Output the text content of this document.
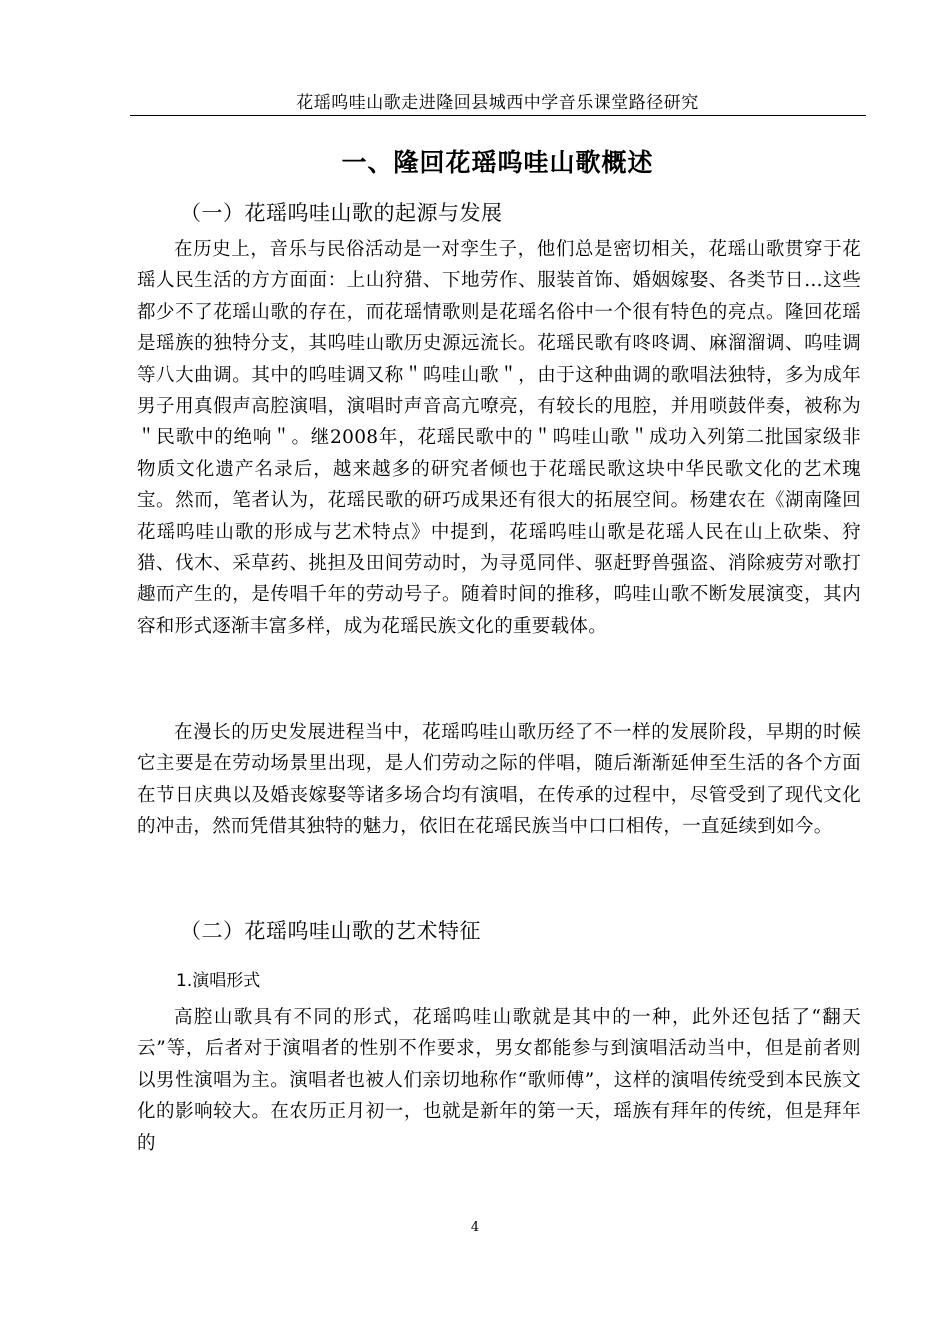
花瑶呜哇山歌走进隆回县城西中学音乐课堂路径研究
一、隆回花瑶呜哇山歌概述
（一）花瑶呜哇山歌的起源与发展
在历史上，音乐与民俗活动是一对孪生子，他们总是密切相关，花瑶山歌贯穿于花瑶人民生活的方方面面：上山狩猎、下地劳作、服装首饰、婚姻嫁娶、各类节日…这些都少不了花瑶山歌的存在，而花瑶情歌则是花瑶名俗中一个很有特色的亮点。隆回花瑶是瑶族的独特分支，其呜哇山歌历史源远流长。花瑶民歌有咚咚调、麻溜溜调、呜哇调等八大曲调。其中的呜哇调又称＂呜哇山歌＂，由于这种曲调的歌唱法独特，多为成年男子用真假声高腔演唱，演唱时声音高亢嘹亮，有较长的甩腔，并用唢鼓伴奏，被称为＂民歌中的绝响＂。继2008年，花瑶民歌中的＂呜哇山歌＂成功入列第二批国家级非物质文化遗产名录后，越来越多的研究者倾也于花瑶民歌这块中华民歌文化的艺术瑰宝。然而，笔者认为，花瑶民歌的研巧成果还有很大的拓展空间。杨建农在《湖南隆回花瑶呜哇山歌的形成与艺术特点》中提到，花瑶呜哇山歌是花瑶人民在山上砍柴、狩猎、伐木、采草药、挑担及田间劳动时，为寻觅同伴、驱赶野兽强盗、消除疲劳对歌打趣而产生的，是传唱千年的劳动号子。随着时间的推移，呜哇山歌不断发展演变，其内容和形式逐渐丰富多样，成为花瑶民族文化的重要载体。
在漫长的历史发展进程当中，花瑶呜哇山歌历经了不一样的发展阶段，早期的时候它主要是在劳动场景里出现，是人们劳动之际的伴唱，随后渐渐延伸至生活的各个方面在节日庆典以及婚丧嫁娶等诸多场合均有演唱，在传承的过程中，尽管受到了现代文化的冲击，然而凭借其独特的魅力，依旧在花瑶民族当中口口相传，一直延续到如今。
（二）花瑶呜哇山歌的艺术特征
1.演唱形式
高腔山歌具有不同的形式，花瑶呜哇山歌就是其中的一种，此外还包括了“翻天云”等，后者对于演唱者的性别不作要求，男女都能参与到演唱活动当中，但是前者则以男性演唱为主。演唱者也被人们亲切地称作“歌师傅”，这样的演唱传统受到本民族文化的影响较大。在农历正月初一，也就是新年的第一天，瑶族有拜年的传统，但是拜年的
4
